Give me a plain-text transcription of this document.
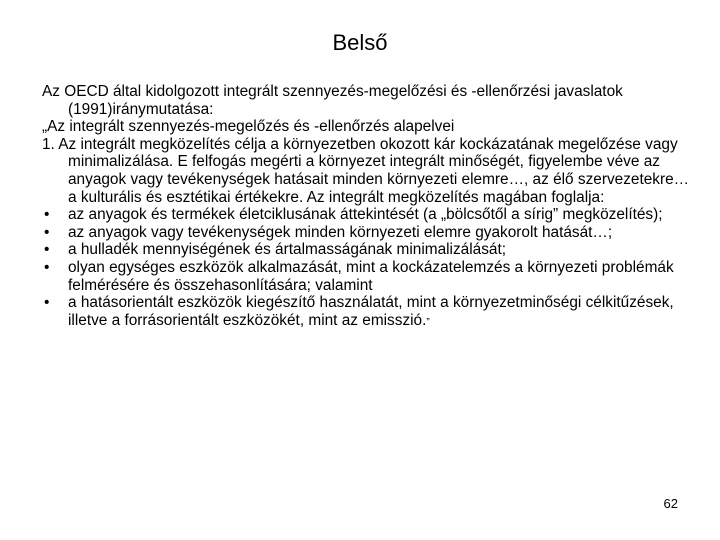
Belső

Az OECD által kidolgozott integrált szennyezés-megelőzési és -ellenőrzési javaslatok (1991)iránymutatása:

„Az integrált szennyezés-megelőzés és -ellenőrzés alapelvei

1. Az integrált megközelítés célja a környezetben okozott kár kockázatának megelőzése vagy minimalizálása. E felfogás megérti a környezet integrált minőségét, figyelembe véve az anyagok vagy tevékenységek hatásait minden környezeti elemre…, az élő szervezetekre… a kulturális és esztétikai értékekre. Az integrált megközelítés magában foglalja:

•	az anyagok és termékek életciklusának áttekintését (a „bölcsőtől a sírig” megközelítés);
•	az anyagok vagy tevékenységek minden környezeti elemre gyakorolt hatását…;
•	a hulladék mennyiségének és ártalmasságának minimalizálását;
•	olyan egységes eszközök alkalmazását, mint a kockázatelemzés a környezeti problémák felmérésére és összehasonlítására; valamint
•	a hatásorientált eszközök kiegészítő használatát, mint a környezetminőségi célkitűzések, illetve a forrásorientált eszközökét, mint az emisszió.”
62
